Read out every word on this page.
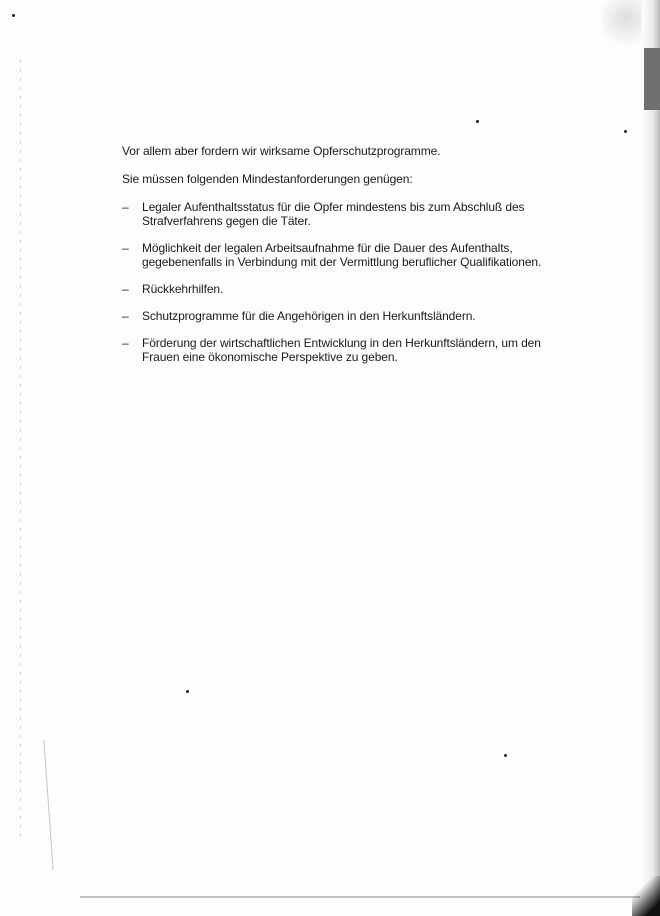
Vor allem aber fordern wir wirksame Opferschutzprogramme.

Sie müssen folgenden Mindestanforderungen genügen:

–	Legaler Aufenthaltsstatus für die Opfer mindestens bis zum Abschluß des
Strafverfahrens gegen die Täter.
–	Möglichkeit der legalen Arbeitsaufnahme für die Dauer des Aufenthalts,
gegebenenfalls in Verbindung mit der Vermittlung beruflicher Qualifikationen.
–	Rückkehrhilfen.
–	Schutzprogramme für die Angehörigen in den Herkunftsländern.
–	Förderung der wirtschaftlichen Entwicklung in den Herkunftsländern, um den
Frauen eine ökonomische Perspektive zu geben.
